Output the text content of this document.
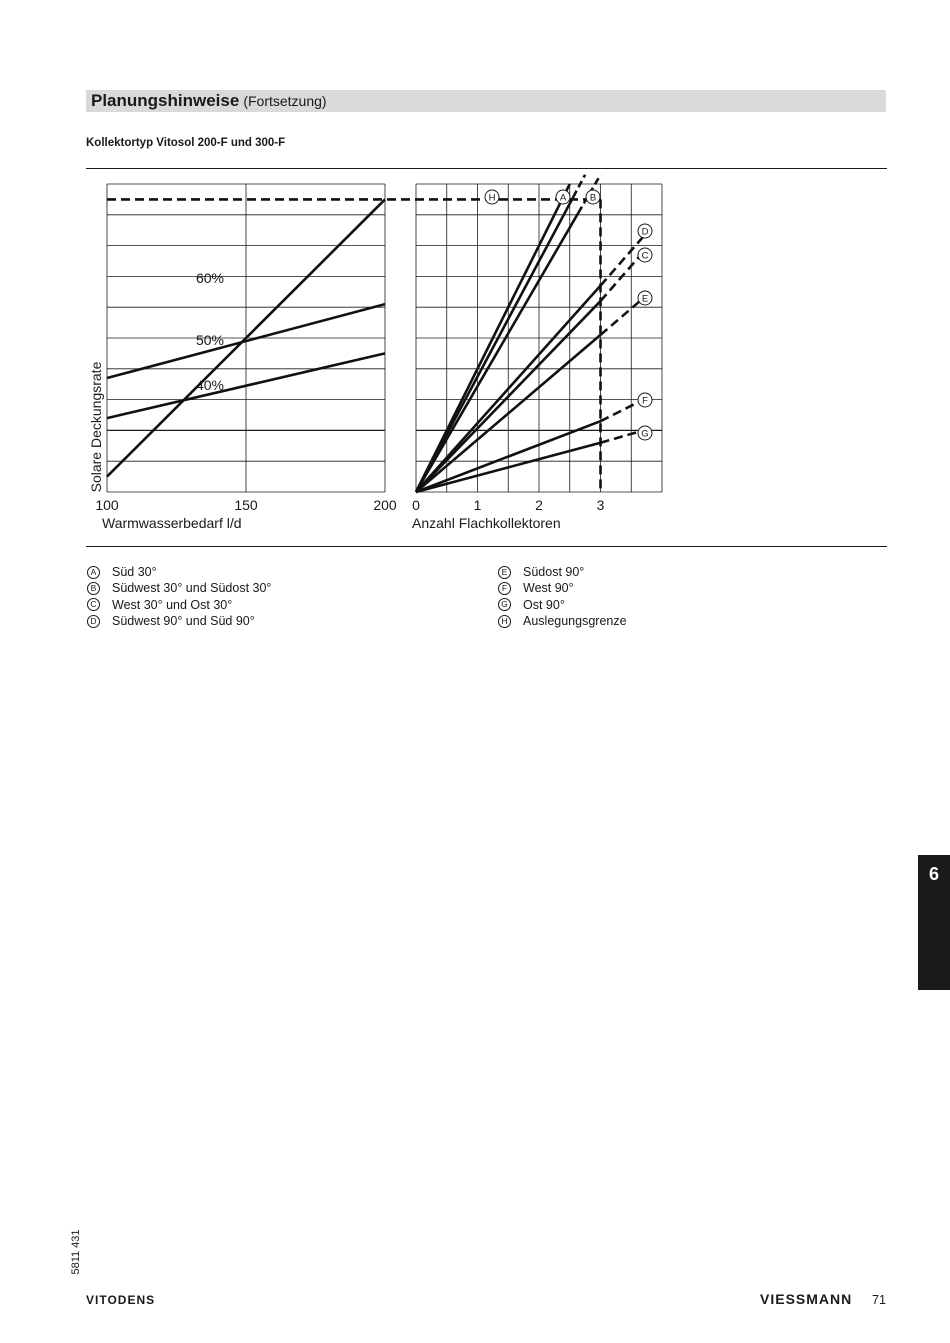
Planungshinweise (Fortsetzung)
Kollektortyp Vitosol 200-F und 300-F
60%
50%
40%
H	A B
D
C
E
F
G
100	150	200 0	1	2	3
Warmwasserbedarf l/d	Anzahl Flachkollektoren
Solare Deckungsrate
A Süd 30°
B Südwest 30° und Südost 30°
C West 30° und Ost 30°
D Südwest 90° und Süd 90°
E Südost 90°
F	West 90°
G Ost 90°
H Auslegungsgrenze
6
5811 431
VITODENS	VIESSMANN 71
